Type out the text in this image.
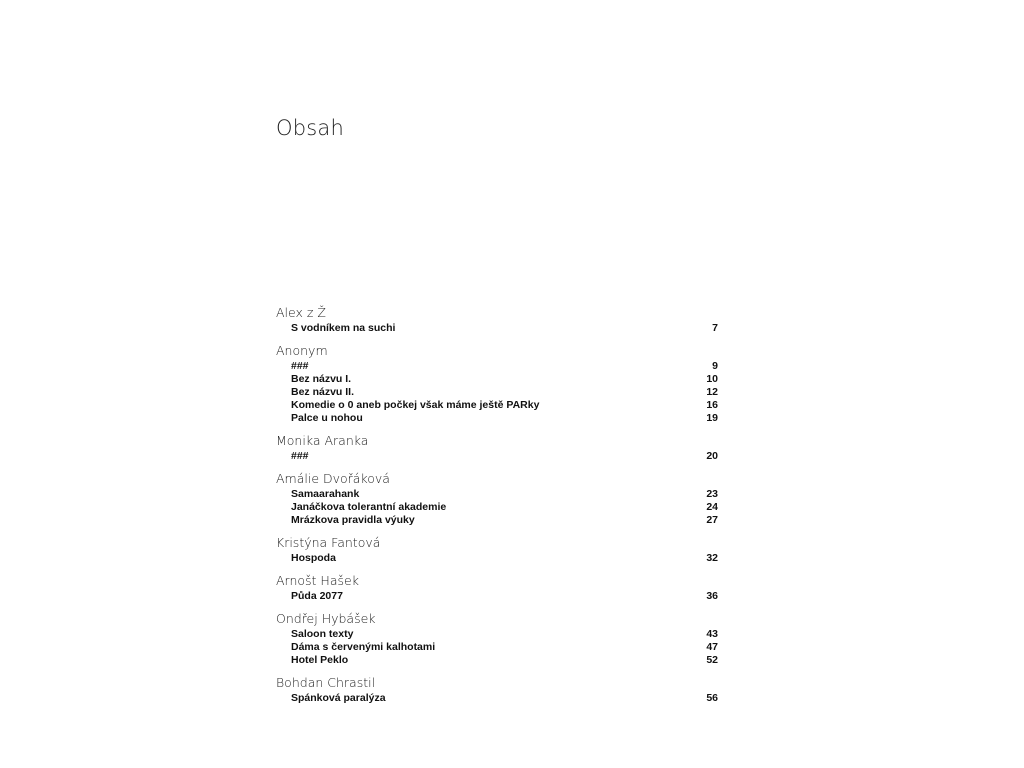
Obsah
Alex z Ž
S vodníkem na suchi	7
Anonym
###	9
Bez názvu I.	10
Bez názvu II.	12
Komedie o 0 aneb počkej však máme ještě PARky	16
Palce u nohou	19
Monika Aranka
###	20
Amálie Dvořáková
Samaarahank	23
Janáčkova tolerantní akademie	24
Mrázkova pravidla výuky	27
Kristýna Fantová
Hospoda	32
Arnošt Hašek
Půda 2077	36
Ondřej Hybášek
Saloon texty	43
Dáma s červenými kalhotami	47
Hotel Peklo	52
Bohdan Chrastil
Spánková paralýza	56
